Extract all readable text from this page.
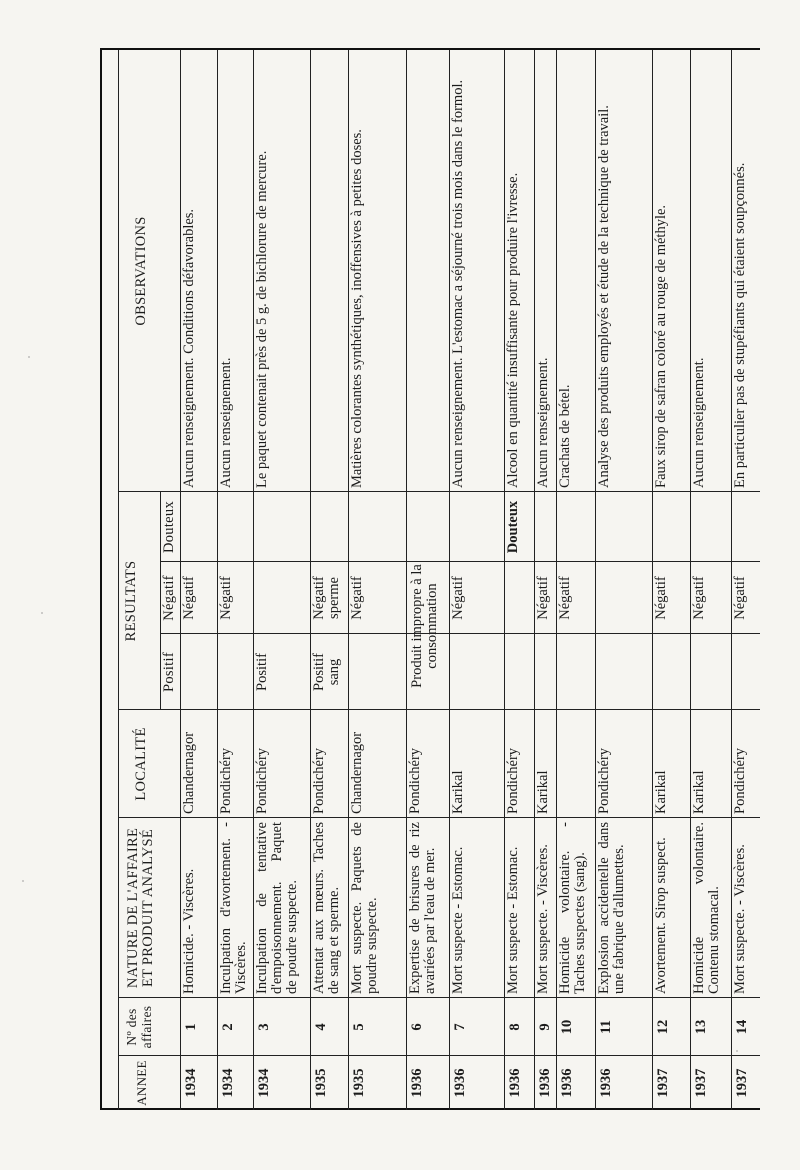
ANNEE
Nº des affaires
NATURE DE L'AFFAIRE ET PRODUIT ANALYSÉ
LOCALITÉ
RESULTATS
Positif
Négatif
Douteux
OBSERVATIONS
1934
1
Homicide. - Viscères.
Chandernagor
Négatif
Aucun renseignement. Conditions défavorables.
1934
2
Inculpation d'avortement. - Viscères.
Pondichéry
Négatif
Aucun renseignement.
1934
3
Inculpation de tentative d'empoisonnement. Paquet de poudre suspecte.
Pondichéry
Positif
Le paquet contenait près de 5 g. de bichlorure de mercure.
1935
4
Attentat aux mœurs. Taches de sang et sperme.
Pondichéry
Positif sang
Négatif sperme
1935
5
Mort suspecte. Paquets de poudre suspecte.
Chandernagor
Négatif
Matières colorantes synthétiques, inoffensives à petites doses.
1936
6
Expertise de brisures de riz avariées par l'eau de mer.
Pondichéry
Produit impropre à la consommation
1936
7
Mort suspecte - Estomac.
Karikal
Négatif
Aucun renseignement. L'estomac a séjourné trois mois dans le formol.
1936
8
Mort suspecte - Estomac.
Pondichéry
Douteux
Alcool en quantité insuffisante pour produire l'ivresse.
1936
9
Mort suspecte. - Viscères.
Karikal
Négatif
Aucun renseignement.
1936
10
Homicide volontaire. - Taches suspectes (sang).
Négatif
Crachats de bétel.
1936
11
Explosion accidentelle dans une fabrique d'allumettes.
Pondichéry
Analyse des produits employés et étude de la technique de travail.
1937
12
Avortement. Sirop suspect.
Karikal
Négatif
Faux sirop de safran coloré au rouge de méthyle.
1937
13
Homicide volontaire. Contenu stomacal.
Karikal
Négatif
Aucun renseignement.
1937
14
Mort suspecte. - Viscères.
Pondichéry
Négatif
En particulier pas de stupéfiants qui étaient soupçonnés.
